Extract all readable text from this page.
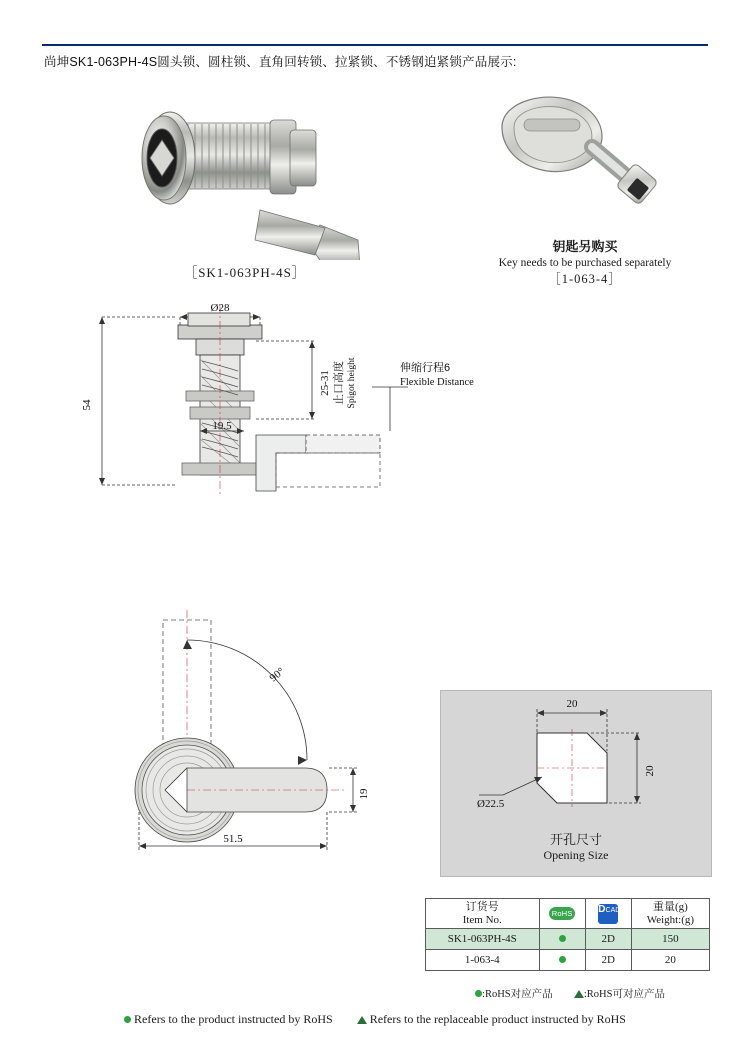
尚坤SK1-063PH-4S圆头锁、圆柱锁、直角回转锁、拉紧锁、不锈钢迫紧锁产品展示:
［SK1-063PH-4S］
钥匙另购买
Key needs to be purchased separately
［1-063-4］
Ø28
54
19.5
25-31 止口高度 Spigot height	伸缩行程6
Flexible Distance
90°
19
51.5
20
20
Ø22.5
开孔尺寸
Opening Size
订货号
Item No.	RoHS	DCAD	重量(g)
Weight:(g)

SK1-063PH-4S		2D	150
1-063-4		2D	20
:RoHS对应产品	:RoHS可对应产品
Refers to the product instructed by RoHS	Refers to the replaceable product instructed by RoHS
